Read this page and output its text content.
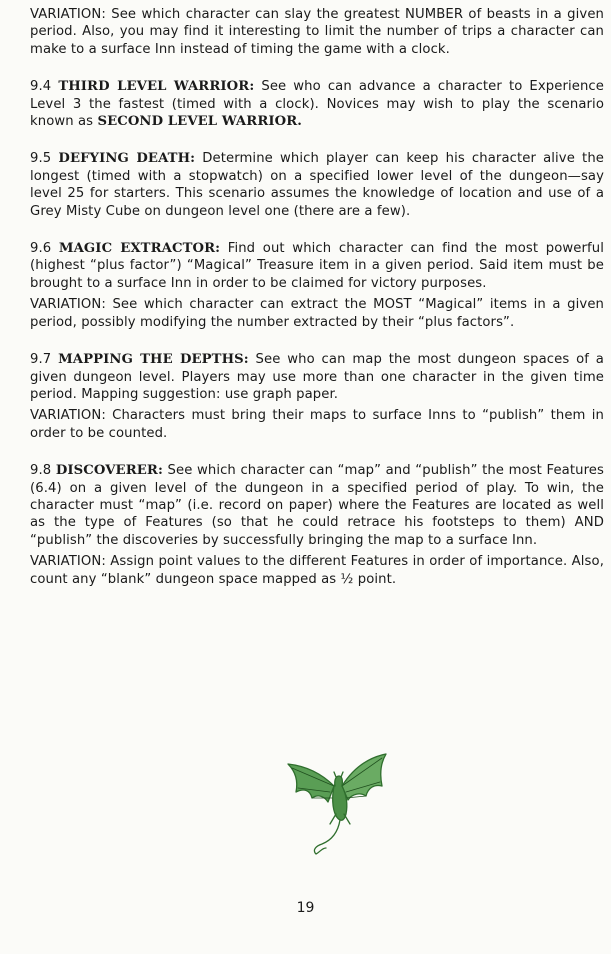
VARIATION: See which character can slay the greatest NUMBER of beasts in a given period. Also, you may find it interesting to limit the number of trips a character can make to a surface Inn instead of timing the game with a clock.

9.4 THIRD LEVEL WARRIOR: See who can advance a character to Experience Level 3 the fastest (timed with a clock). Novices may wish to play the scenario known as SECOND LEVEL WARRIOR.

9.5 DEFYING DEATH: Determine which player can keep his character alive the longest (timed with a stopwatch) on a specified lower level of the dungeon—say level 25 for starters. This scenario assumes the knowledge of location and use of a Grey Misty Cube on dungeon level one (there are a few).

9.6 MAGIC EXTRACTOR: Find out which character can find the most powerful (highest “plus factor”) “Magical” Treasure item in a given period. Said item must be brought to a surface Inn in order to be claimed for victory purposes.

VARIATION: See which character can extract the MOST “Magical” items in a given period, possibly modifying the number extracted by their “plus factors”.

9.7 MAPPING THE DEPTHS: See who can map the most dungeon spaces of a given dungeon level. Players may use more than one character in the given time period. Mapping suggestion: use graph paper.

VARIATION: Characters must bring their maps to surface Inns to “publish” them in order to be counted.

9.8 DISCOVERER: See which character can “map” and “publish” the most Features (6.4) on a given level of the dungeon in a specified period of play. To win, the character must “map” (i.e. record on paper) where the Features are located as well as the type of Features (so that he could retrace his footsteps to them) AND “publish” the discoveries by successfully bringing the map to a surface Inn.

VARIATION: Assign point values to the different Features in order of importance. Also, count any “blank” dungeon space mapped as ½ point.

19
